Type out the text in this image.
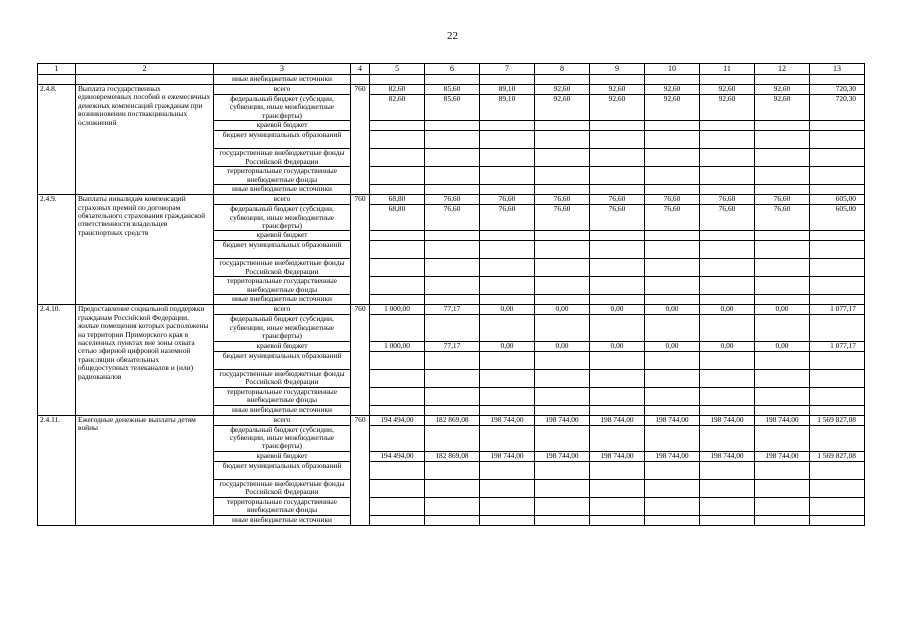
22
1	2	3	4	5	6	7	8	9	10	11	12	13
		иные внебюджетные источники										
2.4.8.	Выплата государственных единовременных пособий и ежемесячных денежных компенсаций гражданам при возникновении поствакцинальных осложнений	всего	760	82,60	85,60	89,10	92,60	92,60	92,60	92,60	92,60	720,30
		федеральный бюджет (субсидии, субвенции, иные межбюджетные трансферты)		82,60	85,60	89,10	92,60	92,60	92,60	92,60	92,60	720,30
		краевой бюджет										
		бюджет муниципальных образований										
		государственные внебюджетные фонды Российской Федерации										
		территориальные государственные внебюджетные фонды										
		иные внебюджетные источники										
2.4.9.	Выплаты инвалидам компенсаций страховых премий по договорам обязательного страхования гражданской ответственности владельцев транспортных средств	всего	760	68,80	76,60	76,60	76,60	76,60	76,60	76,60	76,60	605,00
		федеральный бюджет (субсидии, субвенции, иные межбюджетные трансферты)		68,80	76,60	76,60	76,60	76,60	76,60	76,60	76,60	605,00
		краевой бюджет										
		бюджет муниципальных образований										
		государственные внебюджетные фонды Российской Федерации										
		территориальные государственные внебюджетные фонды										
		иные внебюджетные источники										
2.4.10.	Предоставление социальной поддержки гражданам Российской Федерации, жилые помещения которых расположены на территории Приморского края в населенных пунктах вне зоны охвата сетью эфирной цифровой наземной трансляции обязательных общедоступных телеканалов и (или) радиоканалов	всего	760	1 000,00	77,17	0,00	0,00	0,00	0,00	0,00	0,00	1 077,17
		федеральный бюджет (субсидии, субвенции, иные межбюджетные трансферты)										
		краевой бюджет		1 000,00	77,17	0,00	0,00	0,00	0,00	0,00	0,00	1 077,17
		бюджет муниципальных образований										
		государственные внебюджетные фонды Российской Федерации										
		территориальные государственные внебюджетные фонды										
		иные внебюджетные источники										
2.4.11.	Ежегодные денежные выплаты детям войны	всего	760	194 494,00	182 869,08	198 744,00	198 744,00	198 744,00	198 744,00	198 744,00	198 744,00	1 569 827,08
		федеральный бюджет (субсидии, субвенции, иные межбюджетные трансферты)										
		краевой бюджет		194 494,00	182 869,08	198 744,00	198 744,00	198 744,00	198 744,00	198 744,00	198 744,00	1 569 827,08
		бюджет муниципальных образований										
		государственные внебюджетные фонды Российской Федерации										
		территориальные государственные внебюджетные фонды										
		иные внебюджетные источники										
